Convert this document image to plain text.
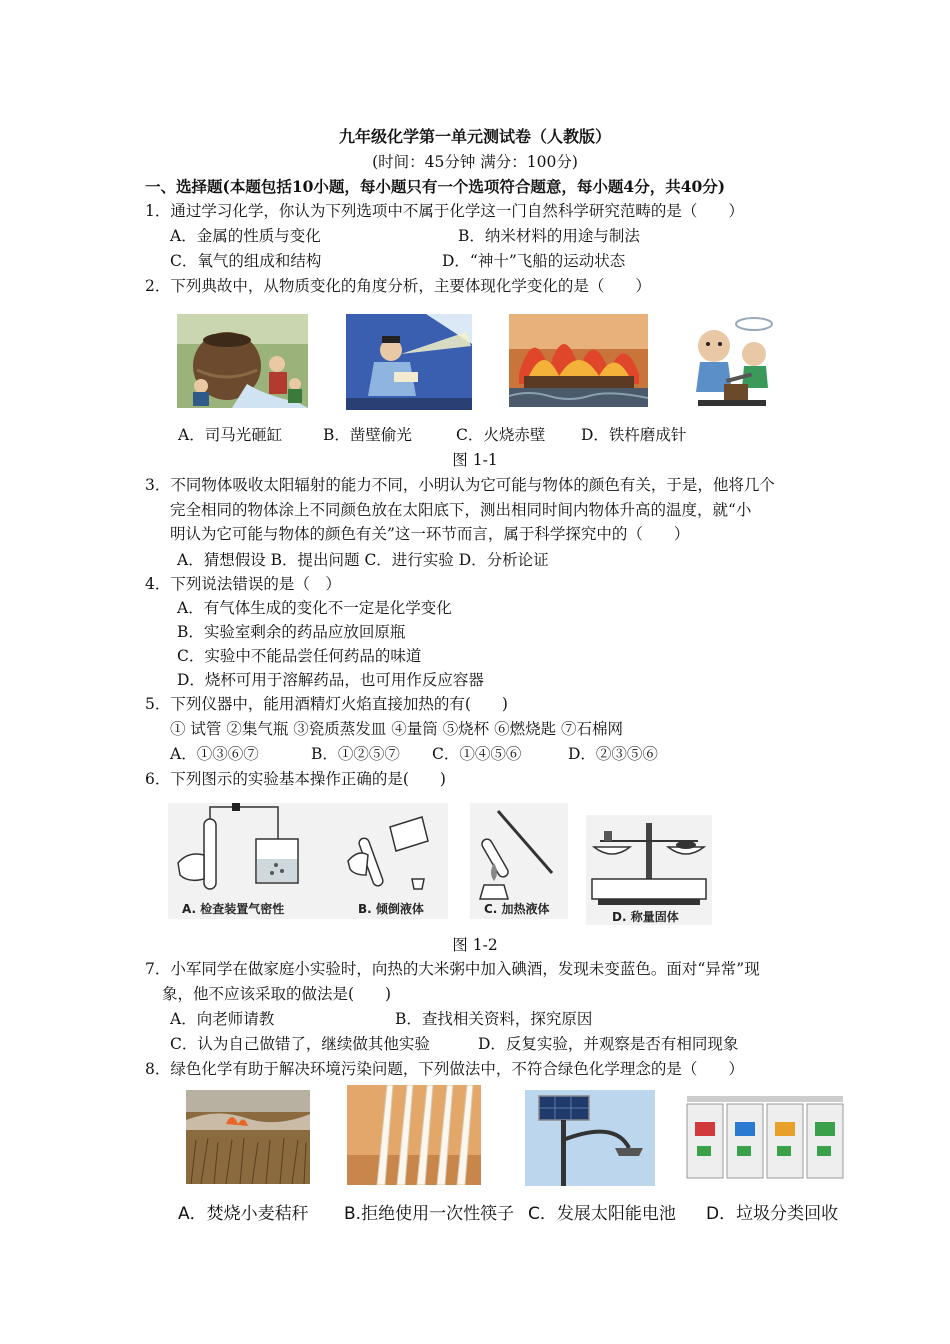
九年级化学第一单元测试卷（人教版）
(时间：45分钟 满分：100分)
一、选择题(本题包括10小题，每小题只有一个选项符合题意，每小题4分，共40分)
1．通过学习化学，你认为下列选项中不属于化学这一门自然科学研究范畴的是（　　）
A．金属的性质与变化	B．纳米材料的用途与制法
C．氧气的组成和结构	D．“神十”飞船的运动状态
2．下列典故中，从物质变化的角度分析，主要体现化学变化的是（　　）
A．司马光砸缸	B．凿壁偷光	C．火烧赤壁 D．铁杵磨成针
图 1-1
3．不同物体吸收太阳辐射的能力不同，小明认为它可能与物体的颜色有关，于是，他将几个
完全相同的物体涂上不同颜色放在太阳底下，测出相同时间内物体升高的温度，就“小
明认为它可能与物体的颜色有关”这一环节而言，属于科学探究中的（　　）
A．猜想假设 B．提出问题 C．进行实验 D．分析论证
4．下列说法错误的是（　）
A．有气体生成的变化不一定是化学变化
B．实验室剩余的药品应放回原瓶
C．实验中不能品尝任何药品的味道
D．烧杯可用于溶解药品，也可用作反应容器
5．下列仪器中，能用酒精灯火焰直接加热的有(　　)
① 试管 ②集气瓶 ③瓷质蒸发皿 ④量筒 ⑤烧杯 ⑥燃烧匙 ⑦石棉网
A．①③⑥⑦	B．①②⑤⑦ C．①④⑤⑥	D．②③⑤⑥
6．下列图示的实验基本操作正确的是(　　)
A. 检查装置气密性	B. 倾倒液体	C. 加热液体
D. 称量固体
图 1-2
7．小军同学在做家庭小实验时，向热的大米粥中加入碘酒，发现未变蓝色。面对“异常”现
象，他不应该采取的做法是(　　)
A．向老师请教	B．查找相关资料，探究原因
C．认为自己做错了，继续做其他实验	D．反复实验，并观察是否有相同现象
8．绿色化学有助于解决环境污染问题，下列做法中，不符合绿色化学理念的是（　　）
A．焚烧小麦秸秆 B.拒绝使用一次性筷子 C．发展太阳能电池 D．垃圾分类回收
